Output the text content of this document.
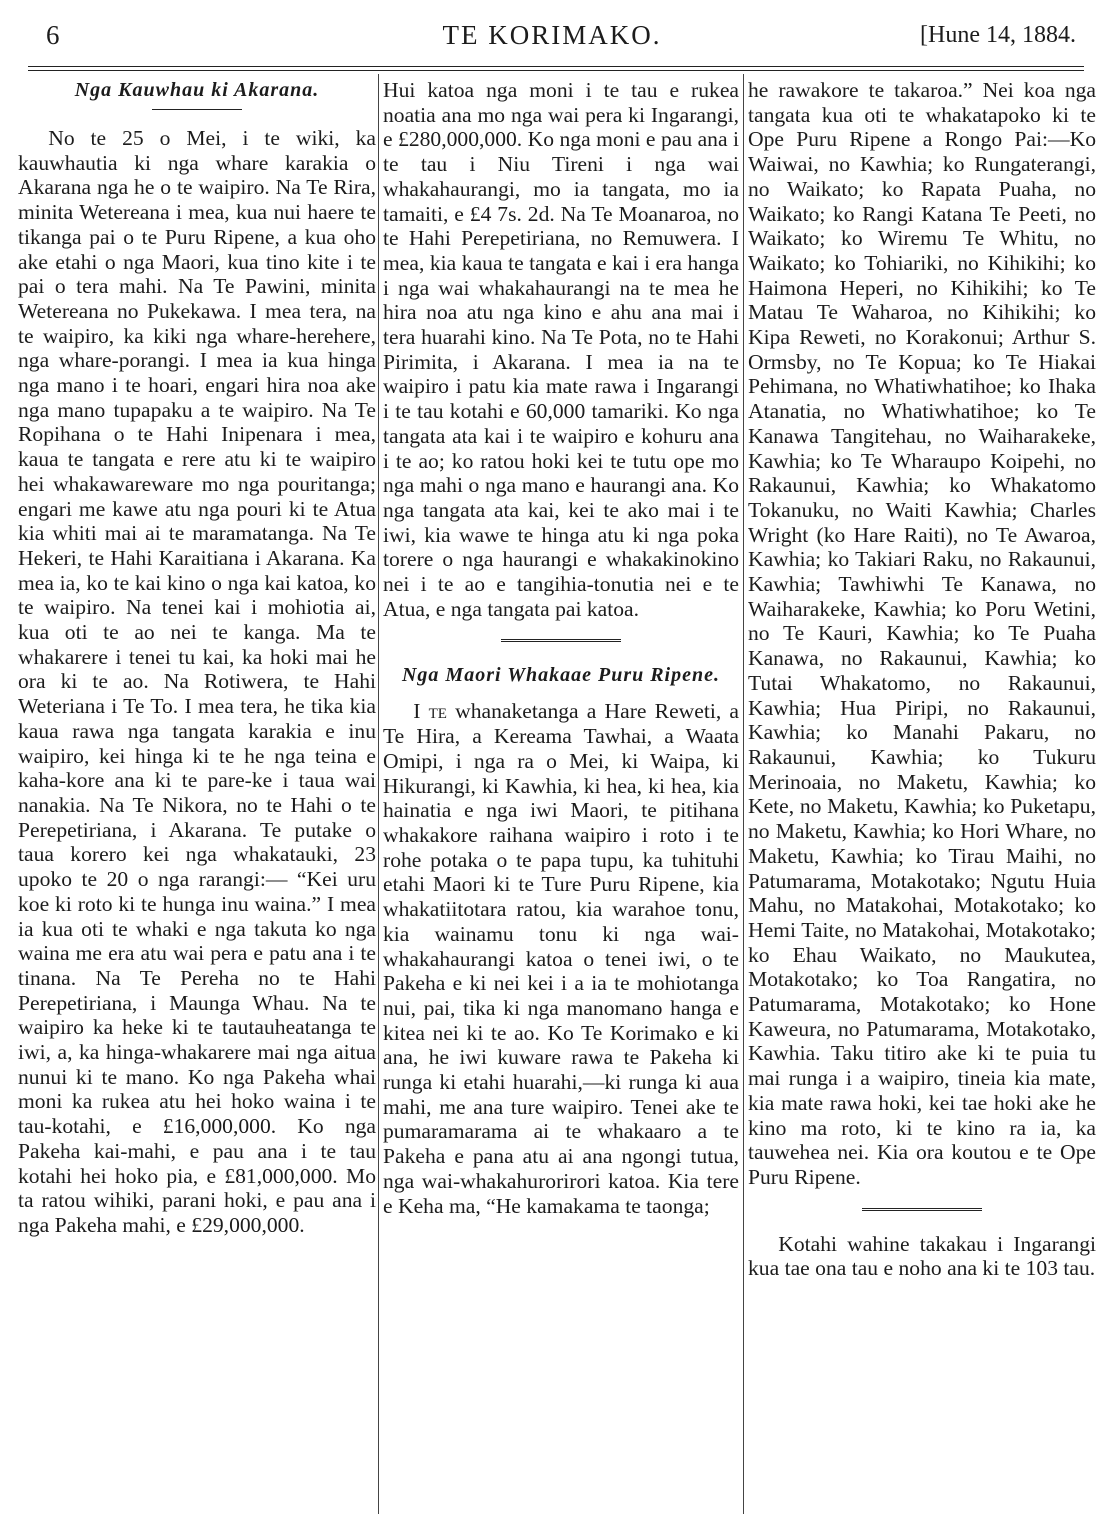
6	TE KORIMAKO.	[Hune 14, 1884.
Nga Kauwhau ki Akarana.

No te 25 o Mei, i te wiki, ka kauwhautia ki nga whare karakia o Akarana nga he o te waipiro. Na Te Rira, minita Wetereana i mea, kua nui haere te tikanga pai o te Puru Ripene, a kua oho ake etahi o nga Maori, kua tino kite i te pai o tera mahi. Na Te Pawini, minita Wetereana no Pukekawa. I mea tera, na te waipiro, ka kiki nga whare-herehere, nga whare-porangi. I mea ia kua hinga nga mano i te hoari, engari hira noa ake nga mano tupapaku a te waipiro. Na Te Ropihana o te Hahi Inipenara i mea, kaua te tangata e rere atu ki te waipiro hei whakawareware mo nga pouritanga; engari me kawe atu nga pouri ki te Atua kia whiti mai ai te maramatanga. Na Te Hekeri, te Hahi Karaitiana i Akarana. Ka mea ia, ko te kai kino o nga kai katoa, ko te waipiro. Na tenei kai i mohiotia ai, kua oti te ao nei te kanga. Ma te whakarere i tenei tu kai, ka hoki mai he ora ki te ao. Na Rotiwera, te Hahi Weteriana i Te To. I mea tera, he tika kia kaua rawa nga tangata karakia e inu waipiro, kei hinga ki te he nga teina e kaha-kore ana ki te pare-ke i taua wai nanakia. Na Te Nikora, no te Hahi o te Perepetiriana, i Akarana. Te putake o taua korero kei nga whakatauki, 23 upoko te 20 o nga rarangi:— “Kei uru koe ki roto ki te hunga inu waina.” I mea ia kua oti te whaki e nga takuta ko nga waina me era atu wai pera e patu ana i te tinana. Na Te Pereha no te Hahi Perepetiriana, i Maunga Whau. Na te waipiro ka heke ki te tautauheatanga te iwi, a, ka hinga-whakarere mai nga aitua nunui ki te mano. Ko nga Pakeha whai moni ka rukea atu hei hoko waina i te tau-kotahi, e £16,000,000. Ko nga Pakeha kai-mahi, e pau ana i te tau kotahi hei hoko pia, e £81,000,000. Mo ta ratou wihiki, parani hoki, e pau ana i nga Pakeha mahi, e £29,000,000.

Hui katoa nga moni i te tau e rukea noatia ana mo nga wai pera ki Ingarangi, e £280,000,000. Ko nga moni e pau ana i te tau i Niu Tireni i nga wai whakahaurangi, mo ia tangata, mo ia tamaiti, e £4 7s. 2d. Na Te Moanaroa, no te Hahi Perepetiriana, no Remuwera. I mea, kia kaua te tangata e kai i era hanga i nga wai whakahaurangi na te mea he hira noa atu nga kino e ahu ana mai i tera huarahi kino. Na Te Pota, no te Hahi Pirimita, i Akarana. I mea ia na te waipiro i patu kia mate rawa i Ingarangi i te tau kotahi e 60,000 tamariki. Ko nga tangata ata kai i te waipiro e kohuru ana i te ao; ko ratou hoki kei te tutu ope mo nga mahi o nga mano e haurangi ana. Ko nga tangata ata kai, kei te ako mai i te iwi, kia wawe te hinga atu ki nga poka torere o nga haurangi e whakakinokino nei i te ao e tangihia-tonutia nei e te Atua, e nga tangata pai katoa.

Nga Maori Whakaae Puru Ripene.

I te whanaketanga a Hare Reweti, a Te Hira, a Kereama Tawhai, a Waata Omipi, i nga ra o Mei, ki Waipa, ki Hikurangi, ki Kawhia, ki hea, ki hea, kia hainatia e nga iwi Maori, te pitihana whakakore raihana waipiro i roto i te rohe potaka o te papa tupu, ka tuhituhi etahi Maori ki te Ture Puru Ripene, kia whakatiitotara ratou, kia warahoe tonu, kia wainamu tonu ki nga wai-whakahaurangi katoa o tenei iwi, o te Pakeha e ki nei kei i a ia te mohiotanga nui, pai, tika ki nga manomano hanga e kitea nei ki te ao. Ko Te Korimako e ki ana, he iwi kuware rawa te Pakeha ki runga ki etahi huarahi,—ki runga ki aua mahi, me ana ture waipiro. Tenei ake te pumaramarama ai te whakaaro a te Pakeha e pana atu ai ana ngongi tutua, nga wai-whakahurorirori katoa. Kia tere e Keha ma, “He kamakama te taonga;

he rawakore te takaroa.” Nei koa nga tangata kua oti te whakatapoko ki te Ope Puru Ripene a Rongo Pai:—Ko Waiwai, no Kawhia; ko Rungaterangi, no Waikato; ko Rapata Puaha, no Waikato; ko Rangi Katana Te Peeti, no Waikato; ko Wiremu Te Whitu, no Waikato; ko Tohiariki, no Kihikihi; ko Haimona Heperi, no Kihikihi; ko Te Matau Te Waharoa, no Kihikihi; ko Kipa Reweti, no Korakonui; Arthur S. Ormsby, no Te Kopua; ko Te Hiakai Pehimana, no Whatiwhatihoe; ko Ihaka Atanatia, no Whatiwhatihoe; ko Te Kanawa Tangitehau, no Waiharakeke, Kawhia; ko Te Wharaupo Koipehi, no Rakaunui, Kawhia; ko Whakatomo Tokanuku, no Waiti Kawhia; Charles Wright (ko Hare Raiti), no Te Awaroa, Kawhia; ko Takiari Raku, no Rakaunui, Kawhia; Tawhiwhi Te Kanawa, no Waiharakeke, Kawhia; ko Poru Wetini, no Te Kauri, Kawhia; ko Te Puaha Kanawa, no Rakaunui, Kawhia; ko Tutai Whakatomo, no Rakaunui, Kawhia; Hua Piripi, no Rakaunui, Kawhia; ko Manahi Pakaru, no Rakaunui, Kawhia; ko Tukuru Merinoaia, no Maketu, Kawhia; ko Kete, no Maketu, Kawhia; ko Puketapu, no Maketu, Kawhia; ko Hori Whare, no Maketu, Kawhia; ko Tirau Maihi, no Patumarama, Motakotako; Ngutu Huia Mahu, no Matakohai, Motakotako; ko Hemi Taite, no Matakohai, Motakotako; ko Ehau Waikato, no Maukutea, Motakotako; ko Toa Rangatira, no Patumarama, Motakotako; ko Hone Kaweura, no Patumarama, Motakotako, Kawhia. Taku titiro ake ki te puia tu mai runga i a waipiro, tineia kia mate, kia mate rawa hoki, kei tae hoki ake he kino ma roto, ki te kino ra ia, ka tauwehea nei. Kia ora koutou e te Ope Puru Ripene.

Kotahi wahine takakau i Ingarangi kua tae ona tau e noho ana ki te 103 tau.
